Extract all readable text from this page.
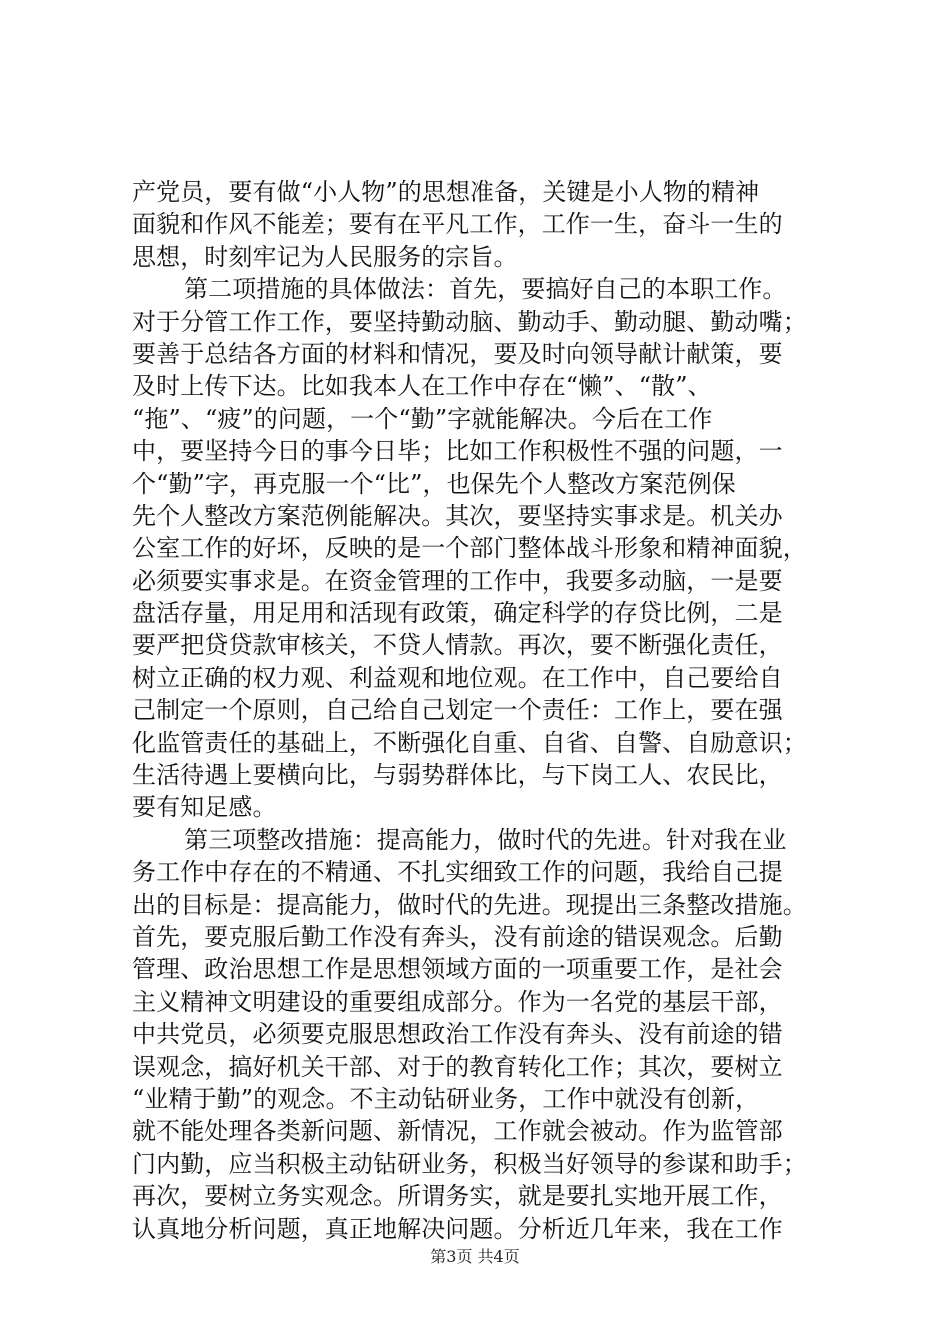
产党员，要有做“小人物”的思想准备，关键是小人物的精神
面貌和作风不能差；要有在平凡工作，工作一生，奋斗一生的
思想，时刻牢记为人民服务的宗旨。
第二项措施的具体做法：首先，要搞好自己的本职工作。
对于分管工作工作，要坚持勤动脑、勤动手、勤动腿、勤动嘴；
要善于总结各方面的材料和情况，要及时向领导献计献策，要
及时上传下达。比如我本人在工作中存在“懒”、“散”、
“拖”、“疲”的问题，一个“勤”字就能解决。今后在工作
中，要坚持今日的事今日毕；比如工作积极性不强的问题，一
个“勤”字，再克服一个“比”，也保先个人整改方案范例保
先个人整改方案范例能解决。其次，要坚持实事求是。机关办
公室工作的好坏，反映的是一个部门整体战斗形象和精神面貌，
必须要实事求是。在资金管理的工作中，我要多动脑，一是要
盘活存量，用足用和活现有政策，确定科学的存贷比例，二是
要严把贷贷款审核关，不贷人情款。再次，要不断强化责任，
树立正确的权力观、利益观和地位观。在工作中，自己要给自
己制定一个原则，自己给自己划定一个责任：工作上，要在强
化监管责任的基础上，不断强化自重、自省、自警、自励意识；
生活待遇上要横向比，与弱势群体比，与下岗工人、农民比，
要有知足感。
第三项整改措施：提高能力，做时代的先进。针对我在业
务工作中存在的不精通、不扎实细致工作的问题，我给自己提
出的目标是：提高能力，做时代的先进。现提出三条整改措施。
首先，要克服后勤工作没有奔头，没有前途的错误观念。后勤
管理、政治思想工作是思想领域方面的一项重要工作，是社会
主义精神文明建设的重要组成部分。作为一名党的基层干部，
中共党员，必须要克服思想政治工作没有奔头、没有前途的错
误观念，搞好机关干部、对于的教育转化工作；其次，要树立
“业精于勤”的观念。不主动钻研业务，工作中就没有创新，
就不能处理各类新问题、新情况，工作就会被动。作为监管部
门内勤，应当积极主动钻研业务，积极当好领导的参谋和助手；
再次，要树立务实观念。所谓务实，就是要扎实地开展工作，
认真地分析问题，真正地解决问题。分析近几年来，我在工作
第3页 共4页
